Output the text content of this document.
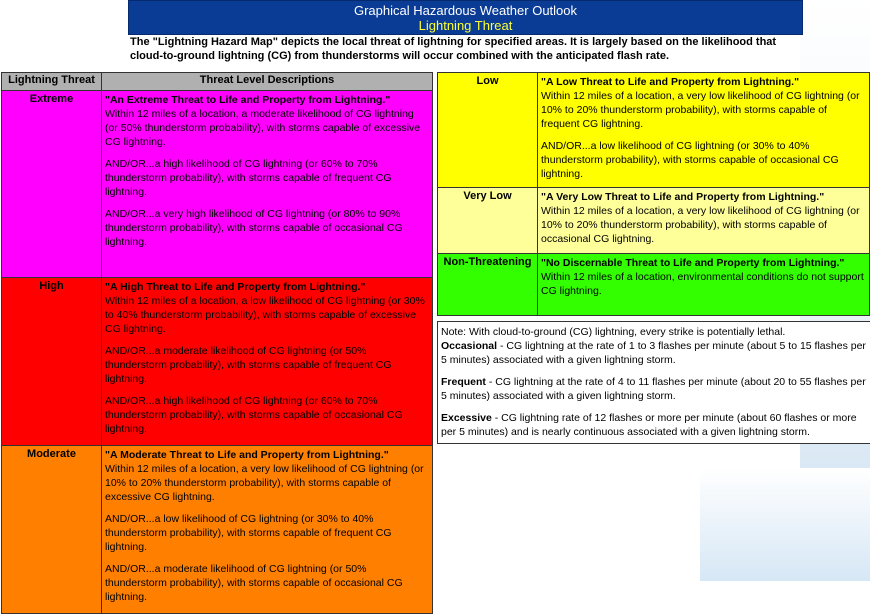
Graphical Hazardous Weather Outlook
Lightning Threat
The "Lightning Hazard Map" depicts the local threat of lightning for specified areas. It is largely based on the likelihood that cloud-to-ground lightning (CG) from thunderstorms will occur combined with the anticipated flash rate.
Lightning Threat	Threat Level Descriptions
Extreme	"An Extreme Threat to Life and Property from Lightning."
Within 12 miles of a location, a moderate likelihood of CG lightning (or 50% thunderstorm probability), with storms capable of excessive CG lightning.

AND/OR...a high likelihood of CG lightning (or 60% to 70% thunderstorm probability), with storms capable of frequent CG lightning.

AND/OR...a very high likelihood of CG lightning (or 80% to 90% thunderstorm probability), with storms capable of occasional CG lightning.

High	"A High Threat to Life and Property from Lightning."
Within 12 miles of a location, a low likelihood of CG lightning (or 30% to 40% thunderstorm probability), with storms capable of excessive CG lightning.

AND/OR...a moderate likelihood of CG lightning (or 50% thunderstorm probability), with storms capable of frequent CG lightning.

AND/OR...a high likelihood of CG lightning (or 60% to 70% thunderstorm probability), with storms capable of occasional CG lightning.

Moderate	"A Moderate Threat to Life and Property from Lightning."
Within 12 miles of a location, a very low likelihood of CG lightning (or 10% to 20% thunderstorm probability), with storms capable of excessive CG lightning.

AND/OR...a low likelihood of CG lightning (or 30% to 40% thunderstorm probability), with storms capable of frequent CG lightning.

AND/OR...a moderate likelihood of CG lightning (or 50% thunderstorm probability), with storms capable of occasional CG lightning.

Low	"A Low Threat to Life and Property from Lightning."
Within 12 miles of a location, a very low likelihood of CG lightning (or 10% to 20% thunderstorm probability), with storms capable of frequent CG lightning.

AND/OR...a low likelihood of CG lightning (or 30% to 40% thunderstorm probability), with storms capable of occasional CG lightning.

Very Low	"A Very Low Threat to Life and Property from Lightning."
Within 12 miles of a location, a very low likelihood of CG lightning (or 10% to 20% thunderstorm probability), with storms capable of occasional CG lightning.

Non-Threatening	"No Discernable Threat to Life and Property from Lightning."
Within 12 miles of a location, environmental conditions do not support CG lightning.

Note: With cloud-to-ground (CG) lightning, every strike is potentially lethal.

Occasional - CG lightning at the rate of 1 to 3 flashes per minute (about 5 to 15 flashes per 5 minutes) associated with a given lightning storm.

Frequent - CG lightning at the rate of 4 to 11 flashes per minute (about 20 to 55 flashes per 5 minutes) associated with a given lightning storm.

Excessive - CG lightning rate of 12 flashes or more per minute (about 60 flashes or more per 5 minutes) and is nearly continuous associated with a given lightning storm.
